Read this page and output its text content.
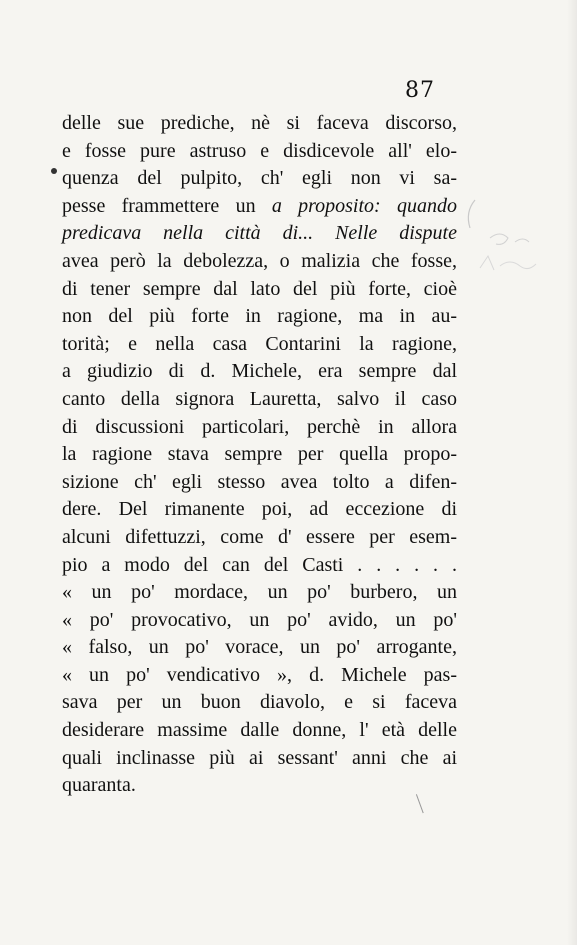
87
delle sue prediche, nè si faceva discorso,
e fosse pure astruso e disdicevole all' elo-
quenza del pulpito, ch' egli non vi sa-
pesse frammettere un a proposito: quando
predicava nella città di... Nelle dispute
avea però la debolezza, o malizia che fosse,
di tener sempre dal lato del più forte, cioè
non del più forte in ragione, ma in au-
torità; e nella casa Contarini la ragione,
a giudizio di d. Michele, era sempre dal
canto della signora Lauretta, salvo il caso
di discussioni particolari, perchè in allora
la ragione stava sempre per quella propo-
sizione ch' egli stesso avea tolto a difen-
dere. Del rimanente poi, ad eccezione di
alcuni difettuzzi, come d' essere per esem-
pio a modo del can del Casti . . . . . .
« un po' mordace, un po' burbero, un
« po' provocativo, un po' avido, un po'
« falso, un po' vorace, un po' arrogante,
« un po' vendicativo », d. Michele pas-
sava per un buon diavolo, e si faceva
desiderare massime dalle donne, l' età delle
quali inclinasse più ai sessant' anni che ai
quaranta.
